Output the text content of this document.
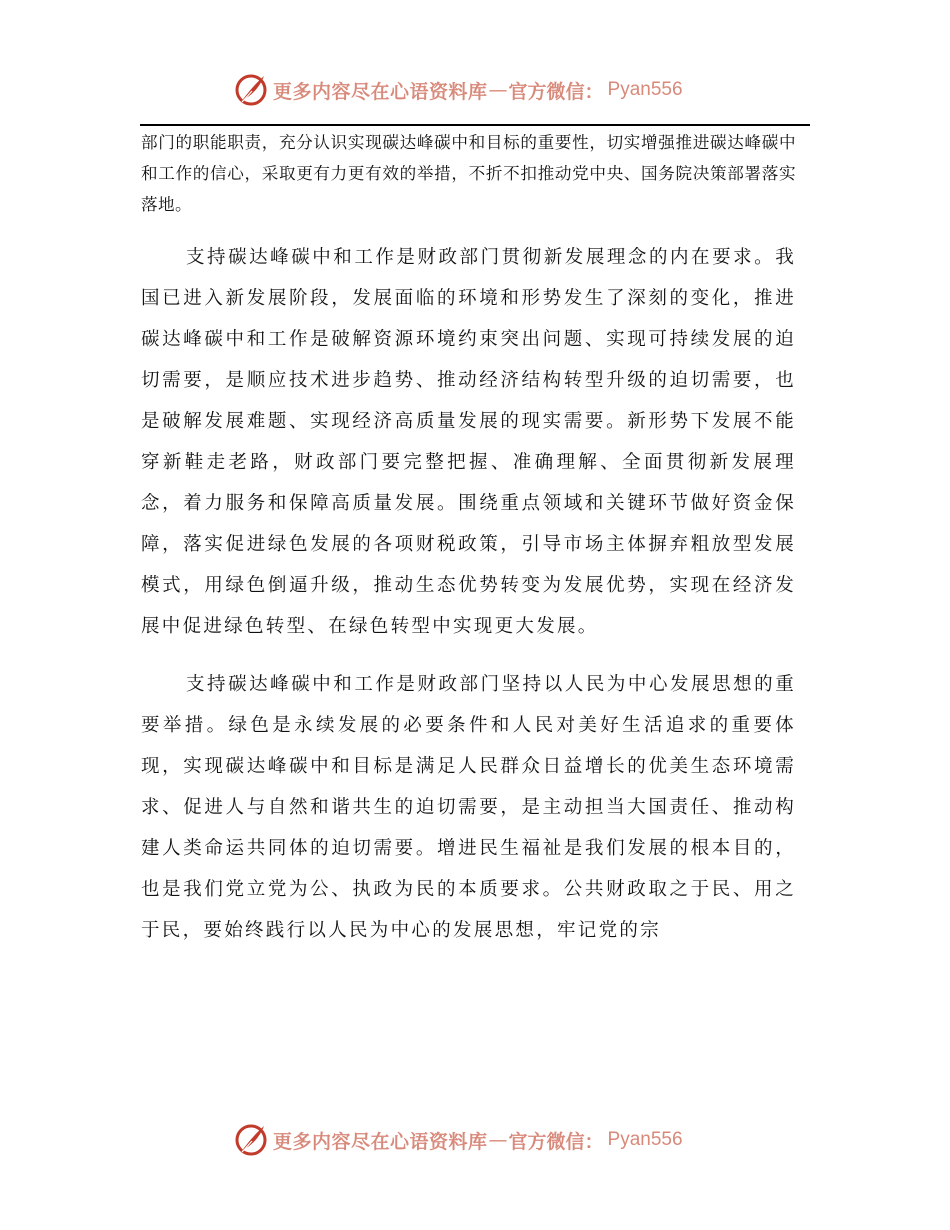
更多内容尽在心语资料库 — 官方微信： Pyan556

部门的职能职责，充分认识实现碳达峰碳中和目标的重要性，切实增强推进碳达峰碳中和工作的信心，采取更有力更有效的举措，不折不扣推动党中央、国务院决策部署落实落地。

支持碳达峰碳中和工作是财政部门贯彻新发展理念的内在要求。我国已进入新发展阶段，发展面临的环境和形势发生了深刻的变化，推进碳达峰碳中和工作是破解资源环境约束突出问题、实现可持续发展的迫切需要，是顺应技术进步趋势、推动经济结构转型升级的迫切需要，也是破解发展难题、实现经济高质量发展的现实需要。新形势下发展不能穿新鞋走老路，财政部门要完整把握、准确理解、全面贯彻新发展理念，着力服务和保障高质量发展。围绕重点领域和关键环节做好资金保障，落实促进绿色发展的各项财税政策，引导市场主体摒弃粗放型发展模式，用绿色倒逼升级，推动生态优势转变为发展优势，实现在经济发展中促进绿色转型、在绿色转型中实现更大发展。

支持碳达峰碳中和工作是财政部门坚持以人民为中心发展思想的重要举措。绿色是永续发展的必要条件和人民对美好生活追求的重要体现，实现碳达峰碳中和目标是满足人民群众日益增长的优美生态环境需求、促进人与自然和谐共生的迫切需要，是主动担当大国责任、推动构建人类命运共同体的迫切需要。增进民生福祉是我们发展的根本目的，也是我们党立党为公、执政为民的本质要求。公共财政取之于民、用之于民，要始终践行以人民为中心的发展思想，牢记党的宗

更多内容尽在心语资料库 — 官方微信： Pyan556
